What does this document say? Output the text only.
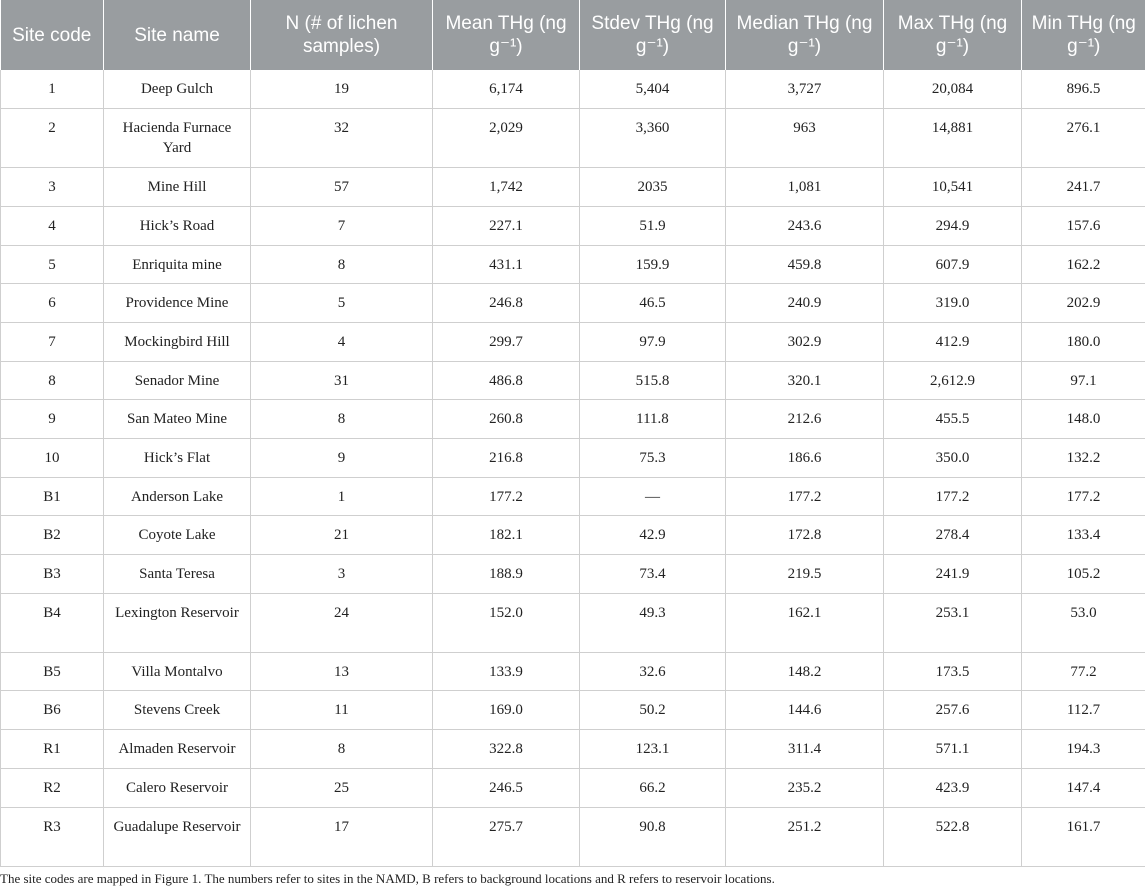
Site code	Site name	N (# of lichen samples)	Mean THg (ng g⁻¹)	Stdev THg (ng g⁻¹)	Median THg (ng g⁻¹)	Max THg (ng g⁻¹)	Min THg (ng g⁻¹)
1	Deep Gulch	19	6,174	5,404	3,727	20,084	896.5
2	Hacienda Furnace Yard	32	2,029	3,360	963	14,881	276.1
3	Mine Hill	57	1,742	2035	1,081	10,541	241.7
4	Hick’s Road	7	227.1	51.9	243.6	294.9	157.6
5	Enriquita mine	8	431.1	159.9	459.8	607.9	162.2
6	Providence Mine	5	246.8	46.5	240.9	319.0	202.9
7	Mockingbird Hill	4	299.7	97.9	302.9	412.9	180.0
8	Senador Mine	31	486.8	515.8	320.1	2,612.9	97.1
9	San Mateo Mine	8	260.8	111.8	212.6	455.5	148.0
10	Hick’s Flat	9	216.8	75.3	186.6	350.0	132.2
B1	Anderson Lake	1	177.2	—	177.2	177.2	177.2
B2	Coyote Lake	21	182.1	42.9	172.8	278.4	133.4
B3	Santa Teresa	3	188.9	73.4	219.5	241.9	105.2
B4	Lexington Reservoir	24	152.0	49.3	162.1	253.1	53.0
B5	Villa Montalvo	13	133.9	32.6	148.2	173.5	77.2
B6	Stevens Creek	11	169.0	50.2	144.6	257.6	112.7
R1	Almaden Reservoir	8	322.8	123.1	311.4	571.1	194.3
R2	Calero Reservoir	25	246.5	66.2	235.2	423.9	147.4
R3	Guadalupe Reservoir	17	275.7	90.8	251.2	522.8	161.7
The site codes are mapped in Figure 1. The numbers refer to sites in the NAMD, B refers to background locations and R refers to reservoir locations.
